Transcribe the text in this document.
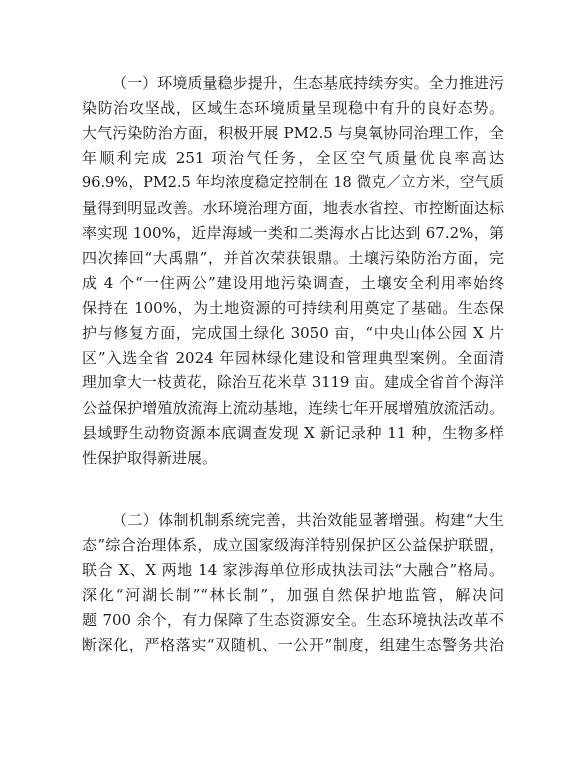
（一）环境质量稳步提升，生态基底持续夯实。全力推进污
染防治攻坚战，区域生态环境质量呈现稳中有升的良好态势。
大气污染防治方面，积极开展 PM2.5 与臭氧协同治理工作，全
年顺利完成 251 项治气任务，全区空气质量优良率高达
96.9%，PM2.5 年均浓度稳定控制在 18 微克／立方米，空气质
量得到明显改善。水环境治理方面，地表水省控、市控断面达标
率实现 100%，近岸海域一类和二类海水占比达到 67.2%，第
四次捧回“大禹鼎”，并首次荣获银鼎。土壤污染防治方面，完
成 4 个“一住两公”建设用地污染调查，土壤安全利用率始终
保持在 100%，为土地资源的可持续利用奠定了基础。生态保
护与修复方面，完成国土绿化 3050 亩，“中央山体公园 X 片
区”入选全省 2024 年园林绿化建设和管理典型案例。全面清
理加拿大一枝黄花，除治互花米草 3119 亩。建成全省首个海洋
公益保护增殖放流海上流动基地，连续七年开展增殖放流活动。
县域野生动物资源本底调查发现 X 新记录种 11 种，生物多样
性保护取得新进展。
（二）体制机制系统完善，共治效能显著增强。构建“大生
态”综合治理体系，成立国家级海洋特别保护区公益保护联盟，
联合 X、X 两地 14 家涉海单位形成执法司法“大融合”格局。
深化“河湖长制”“林长制”，加强自然保护地监管，解决问
题 700 余个，有力保障了生态资源安全。生态环境执法改革不
断深化，严格落实“双随机、一公开”制度，组建生态警务共治
